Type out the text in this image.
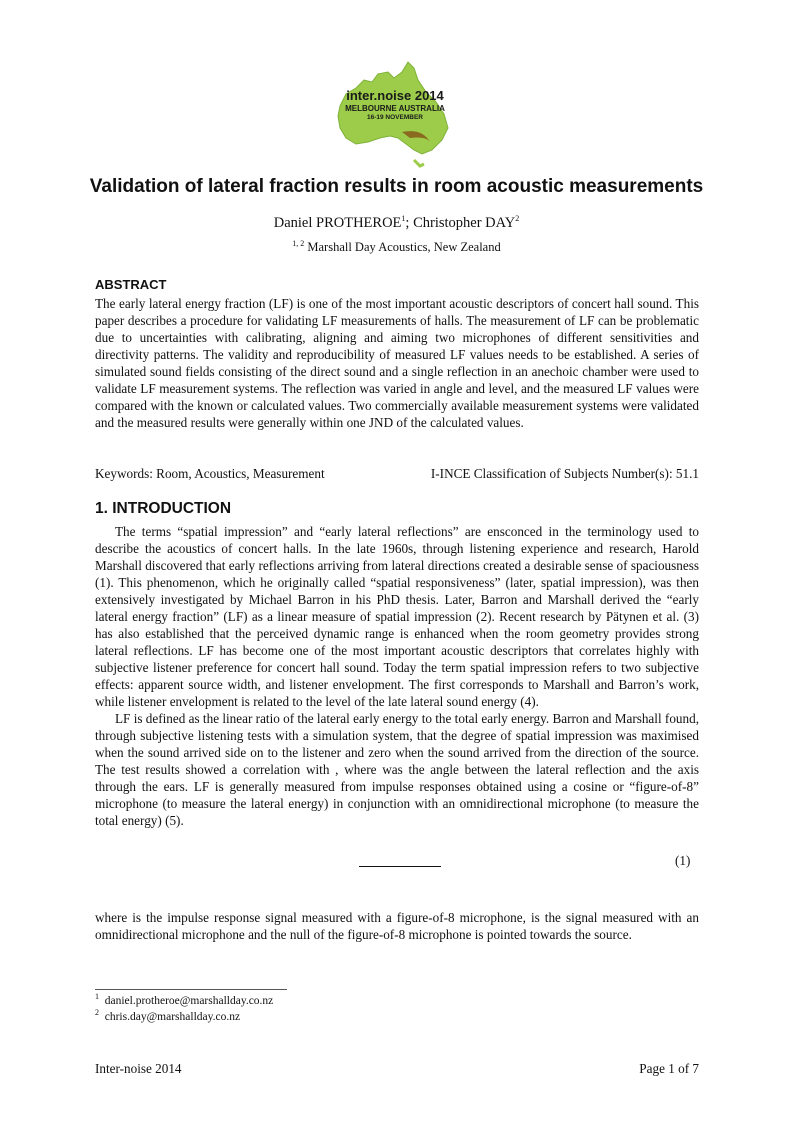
inter.noise 2014
MELBOURNE AUSTRALIA
16-19 NOVEMBER
Validation of lateral fraction results in room acoustic measurements
Daniel PROTHEROE$^1$; Christopher DAY$^2$
$^{1, 2}$ Marshall Day Acoustics, New Zealand
ABSTRACT
The early lateral energy fraction (LF) is one of the most important acoustic descriptors of concert hall sound. This paper describes a procedure for validating LF measurements of halls. The measurement of LF can be problematic due to uncertainties with calibrating, aligning and aiming two microphones of different sensitivities and directivity patterns. The validity and reproducibility of measured LF values needs to be established. A series of simulated sound fields consisting of the direct sound and a single reflection in an anechoic chamber were used to validate LF measurement systems. The reflection was varied in angle and level, and the measured LF values were compared with the known or calculated values. Two commercially available measurement systems were validated and the measured results were generally within one JND of the calculated values.
Keywords: Room, Acoustics, Measurement	I-INCE Classification of Subjects Number(s): 51.1
1. INTRODUCTION

The terms “spatial impression” and “early lateral reflections” are ensconced in the terminology used to describe the acoustics of concert halls. In the late 1960s, through listening experience and research, Harold Marshall discovered that early reflections arriving from lateral directions created a desirable sense of spaciousness (1). This phenomenon, which he originally called “spatial responsiveness” (later, spatial impression), was then extensively investigated by Michael Barron in his PhD thesis. Later, Barron and Marshall derived the “early lateral energy fraction” (LF) as a linear measure of spatial impression (2). Recent research by Pätynen et al. (3) has also established that the perceived dynamic range is enhanced when the room geometry provides strong lateral reflections. LF has become one of the most important acoustic descriptors that correlates highly with subjective listener preference for concert hall sound. Today the term spatial impression refers to two subjective effects: apparent source width, and listener envelopment. The first corresponds to Marshall and Barron’s work, while listener envelopment is related to the level of the late lateral sound energy (4).

LF is defined as the linear ratio of the lateral early energy to the total early energy. Barron and Marshall found, through subjective listening tests with a simulation system, that the degree of spatial impression was maximised when the sound arrived side on to the listener and zero when the sound arrived from the direction of the source. The test results showed a correlation with , where was the angle between the lateral reflection and the axis through the ears. LF is generally measured from impulse responses obtained using a cosine or “figure-of-8” microphone (to measure the lateral energy) in conjunction with an omnidirectional microphone (to measure the total energy) (5).

(1)
where is the impulse response signal measured with a figure-of-8 microphone, is the signal measured with an omnidirectional microphone and the null of the figure-of-8 microphone is pointed towards the source.
$^1$ daniel.protheroe@marshallday.co.nz
$^2$ chris.day@marshallday.co.nz
Inter-noise 2014	Page 1 of 7
